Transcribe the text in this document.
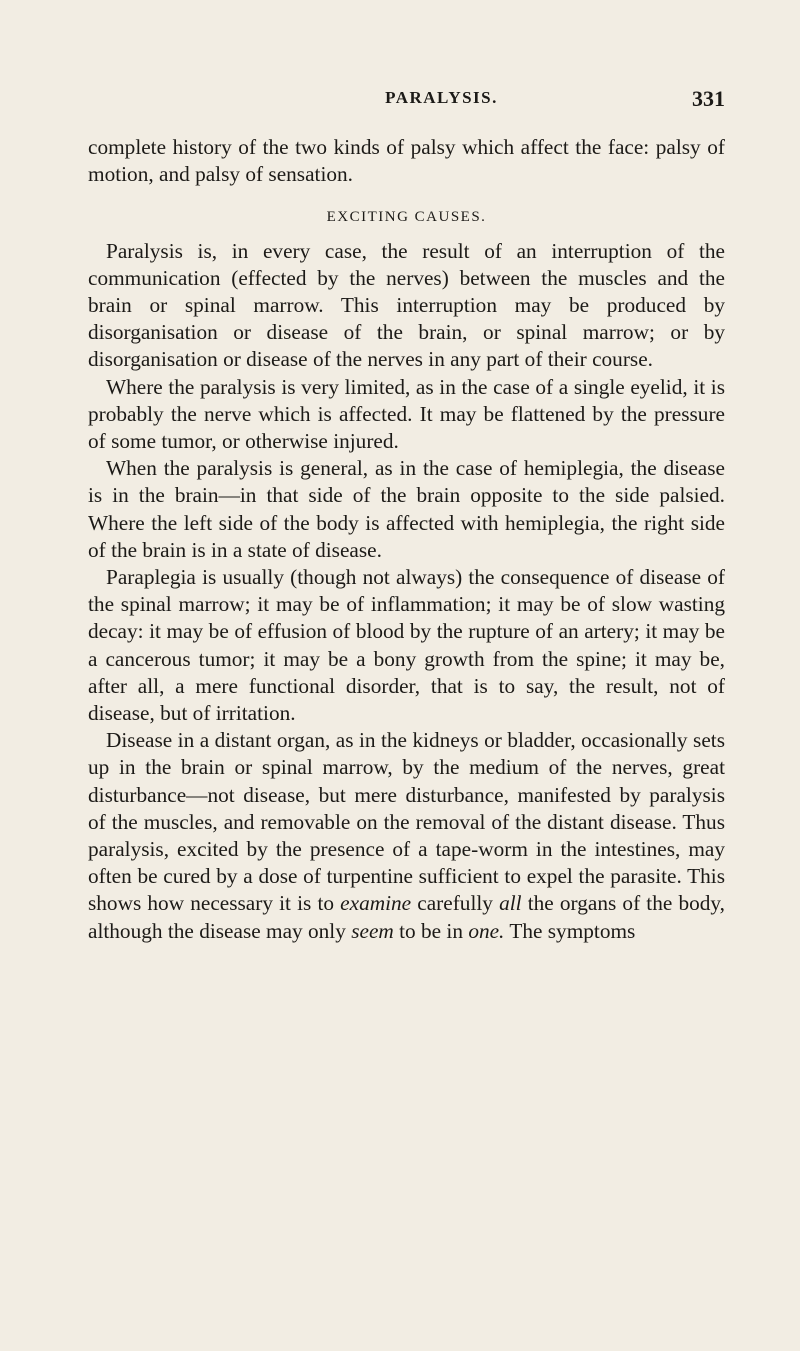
PARALYSIS.	331

complete history of the two kinds of palsy which affect the face: palsy of motion, and palsy of sensation.

EXCITING CAUSES.

Paralysis is, in every case, the result of an interruption of the communication (effected by the nerves) between the muscles and the brain or spinal marrow. This interruption may be produced by disorganisation or disease of the brain, or spinal marrow; or by disorganisation or disease of the nerves in any part of their course.

Where the paralysis is very limited, as in the case of a single eyelid, it is probably the nerve which is affected. It may be flattened by the pressure of some tumor, or otherwise injured.

When the paralysis is general, as in the case of hemiplegia, the disease is in the brain—in that side of the brain opposite to the side palsied. Where the left side of the body is affected with hemiplegia, the right side of the brain is in a state of disease.

Paraplegia is usually (though not always) the consequence of disease of the spinal marrow; it may be of inflammation; it may be of slow wasting decay: it may be of effusion of blood by the rupture of an artery; it may be a cancerous tumor; it may be a bony growth from the spine; it may be, after all, a mere functional disorder, that is to say, the result, not of disease, but of irritation.

Disease in a distant organ, as in the kidneys or bladder, occasionally sets up in the brain or spinal marrow, by the medium of the nerves, great disturbance—not disease, but mere disturbance, manifested by paralysis of the muscles, and removable on the removal of the distant disease. Thus paralysis, excited by the presence of a tape-worm in the intestines, may often be cured by a dose of turpentine sufficient to expel the parasite. This shows how necessary it is to examine carefully all the organs of the body, although the disease may only seem to be in one. The symptoms
